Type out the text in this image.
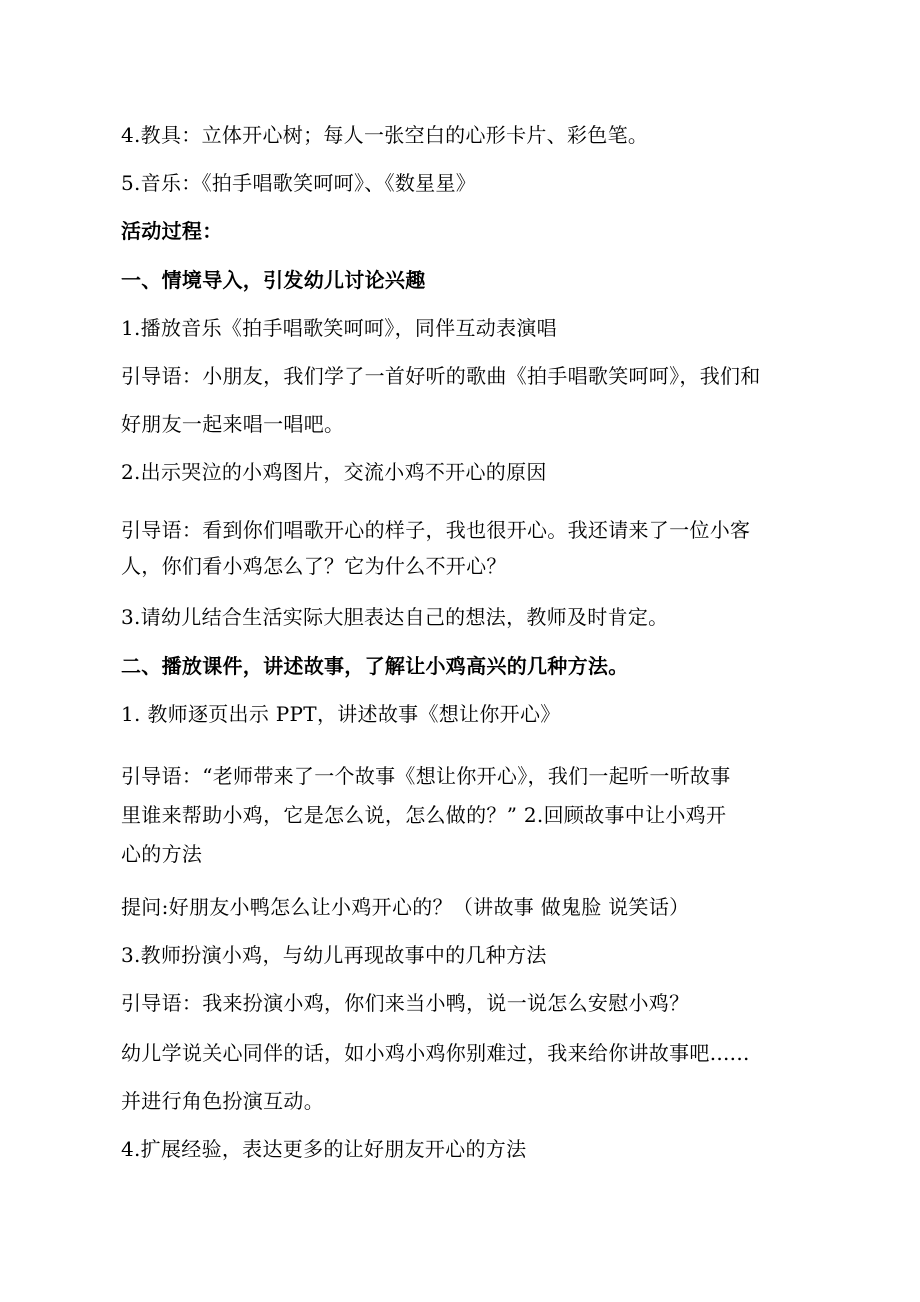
4.教具：立体开心树；每人一张空白的心形卡片、彩色笔。
5.音乐：《拍手唱歌笑呵呵》、《数星星》
活动过程：
一、情境导入，引发幼儿讨论兴趣
1.播放音乐《拍手唱歌笑呵呵》，同伴互动表演唱
引导语：小朋友，我们学了一首好听的歌曲《拍手唱歌笑呵呵》，我们和
好朋友一起来唱一唱吧。
2.出示哭泣的小鸡图片，交流小鸡不开心的原因
引导语：看到你们唱歌开心的样子，我也很开心。我还请来了一位小客
人，你们看小鸡怎么了？它为什么不开心？
3.请幼儿结合生活实际大胆表达自己的想法，教师及时肯定。
二、播放课件，讲述故事，了解让小鸡高兴的几种方法。
1. 教师逐页出示 PPT，讲述故事《想让你开心》
引导语：“老师带来了一个故事《想让你开心》，我们一起听一听故事
里谁来帮助小鸡，它是怎么说，怎么做的？” 2.回顾故事中让小鸡开
心的方法
提问:好朋友小鸭怎么让小鸡开心的？（讲故事 做鬼脸 说笑话）
3.教师扮演小鸡，与幼儿再现故事中的几种方法
引导语：我来扮演小鸡，你们来当小鸭，说一说怎么安慰小鸡？
幼儿学说关心同伴的话，如小鸡小鸡你别难过，我来给你讲故事吧......
并进行角色扮演互动。
4.扩展经验，表达更多的让好朋友开心的方法
